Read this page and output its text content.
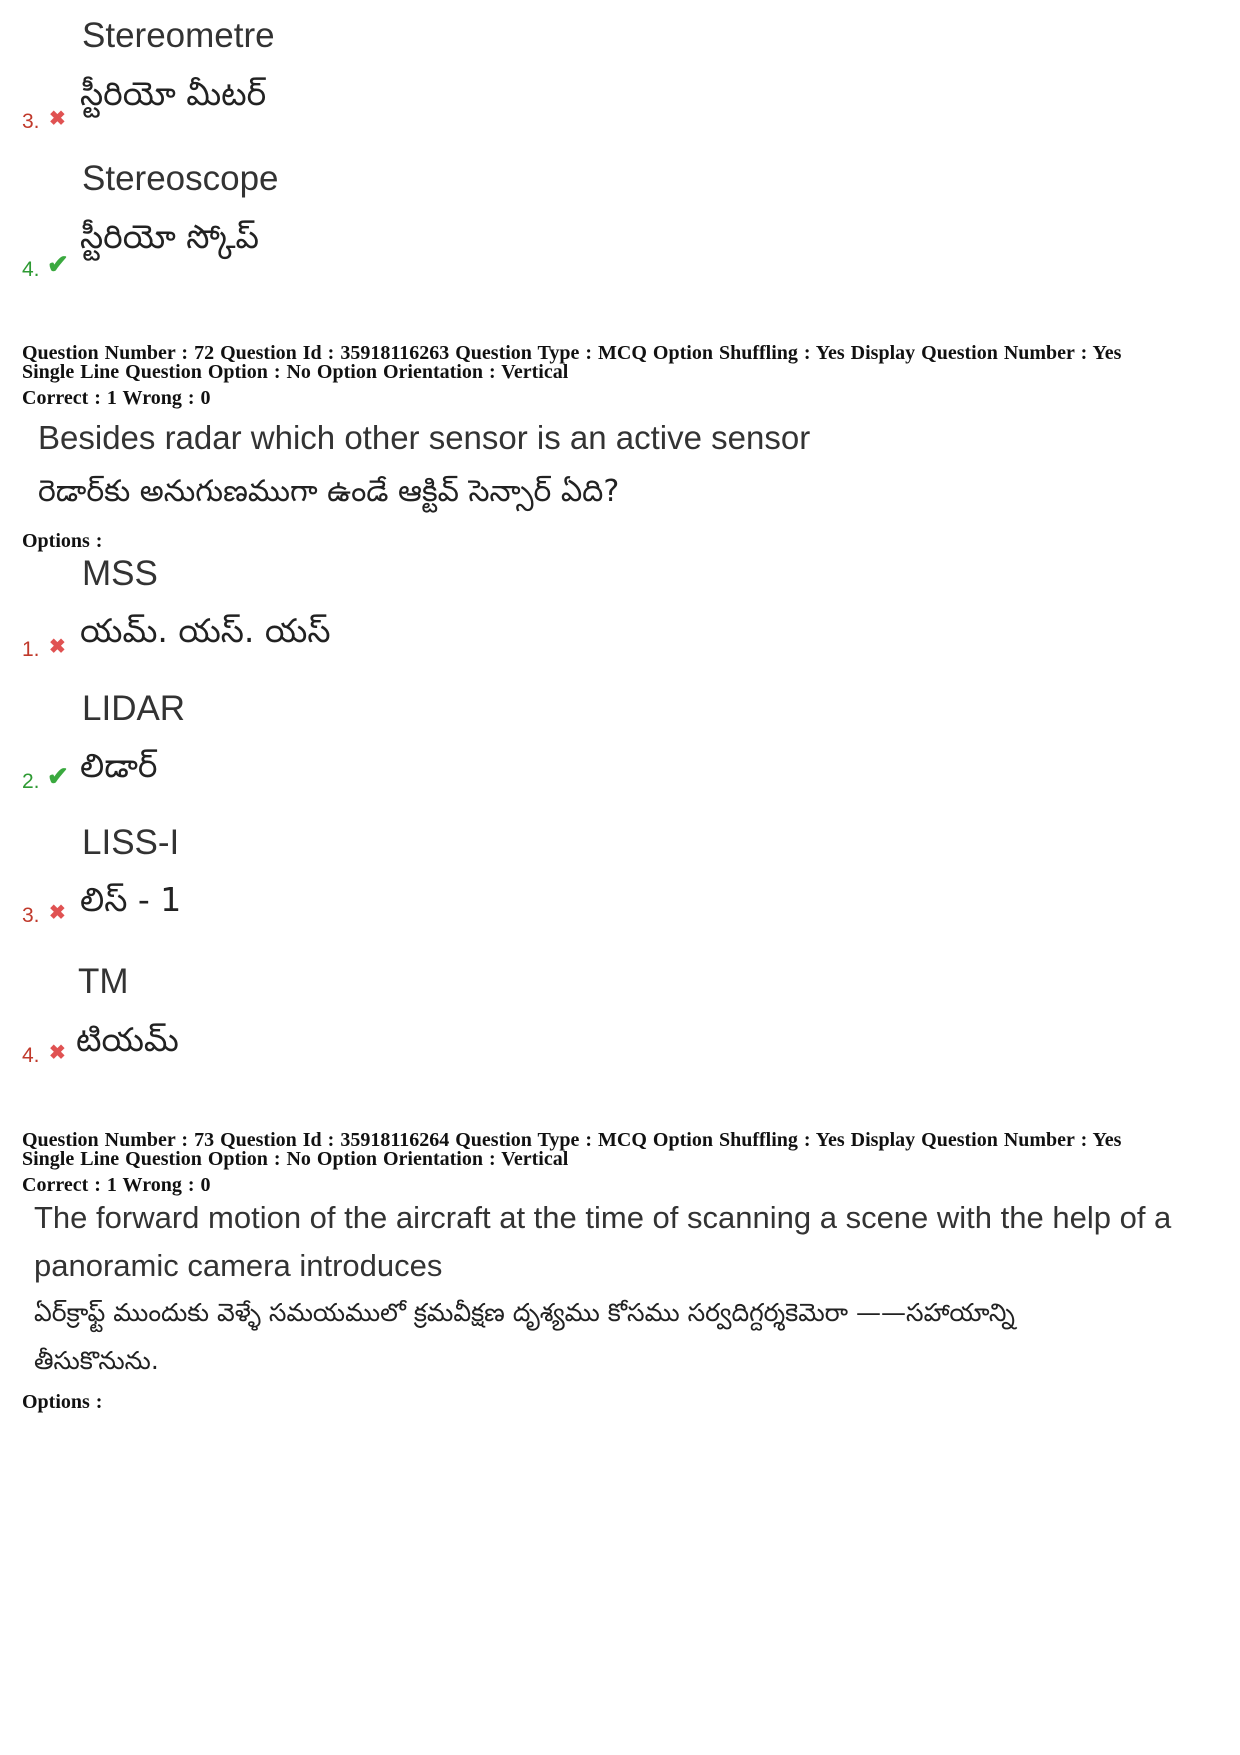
Stereometre
స్టీరియో మీటర్
3. ✖
Stereoscope
స్టీరియో స్కోప్
4. ✔
Question Number : 72 Question Id : 35918116263 Question Type : MCQ Option Shuffling : Yes Display Question Number : Yes
Single Line Question Option : No Option Orientation : Vertical
Correct : 1 Wrong : 0
Besides radar which other sensor is an active sensor
రెడార్‌కు అనుగుణముగా ఉండే ఆక్టివ్ సెన్సార్ ఏది?
Options :
MSS
యమ్. యస్. యస్
1. ✖
LIDAR
లిడార్
2. ✔
LISS-I
లిస్ - 1
3. ✖
TM
టియమ్
4. ✖
Question Number : 73 Question Id : 35918116264 Question Type : MCQ Option Shuffling : Yes Display Question Number : Yes
Single Line Question Option : No Option Orientation : Vertical
Correct : 1 Wrong : 0
The forward motion of the aircraft at the time of scanning a scene with the help of a
panoramic camera introduces
ఏర్‌క్రాఫ్ట్ ముందుకు వెళ్ళే సమయములో క్రమవీక్షణ దృశ్యము కోసము సర్వదిగ్దర్శకెమెరా ——సహాయాన్ని
తీసుకొనును.
Options :
